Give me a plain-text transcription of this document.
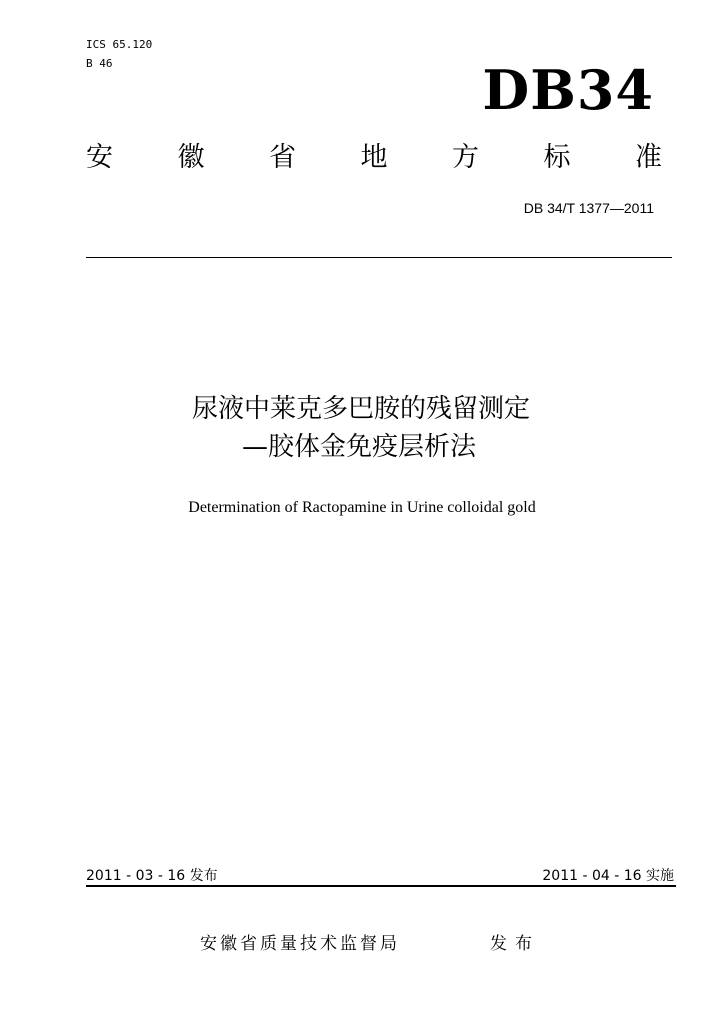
ICS 65.120
B 46	DB34
安 徽 省 地 方 标 准
DB 34/T 1377—2011
尿液中莱克多巴胺的残留测定
—胶体金免疫层析法
Determination of Ractopamine in Urine colloidal gold
2011 - 03 - 16 发布	2011 - 04 - 16 实施
安徽省质量技术监督局	发布
